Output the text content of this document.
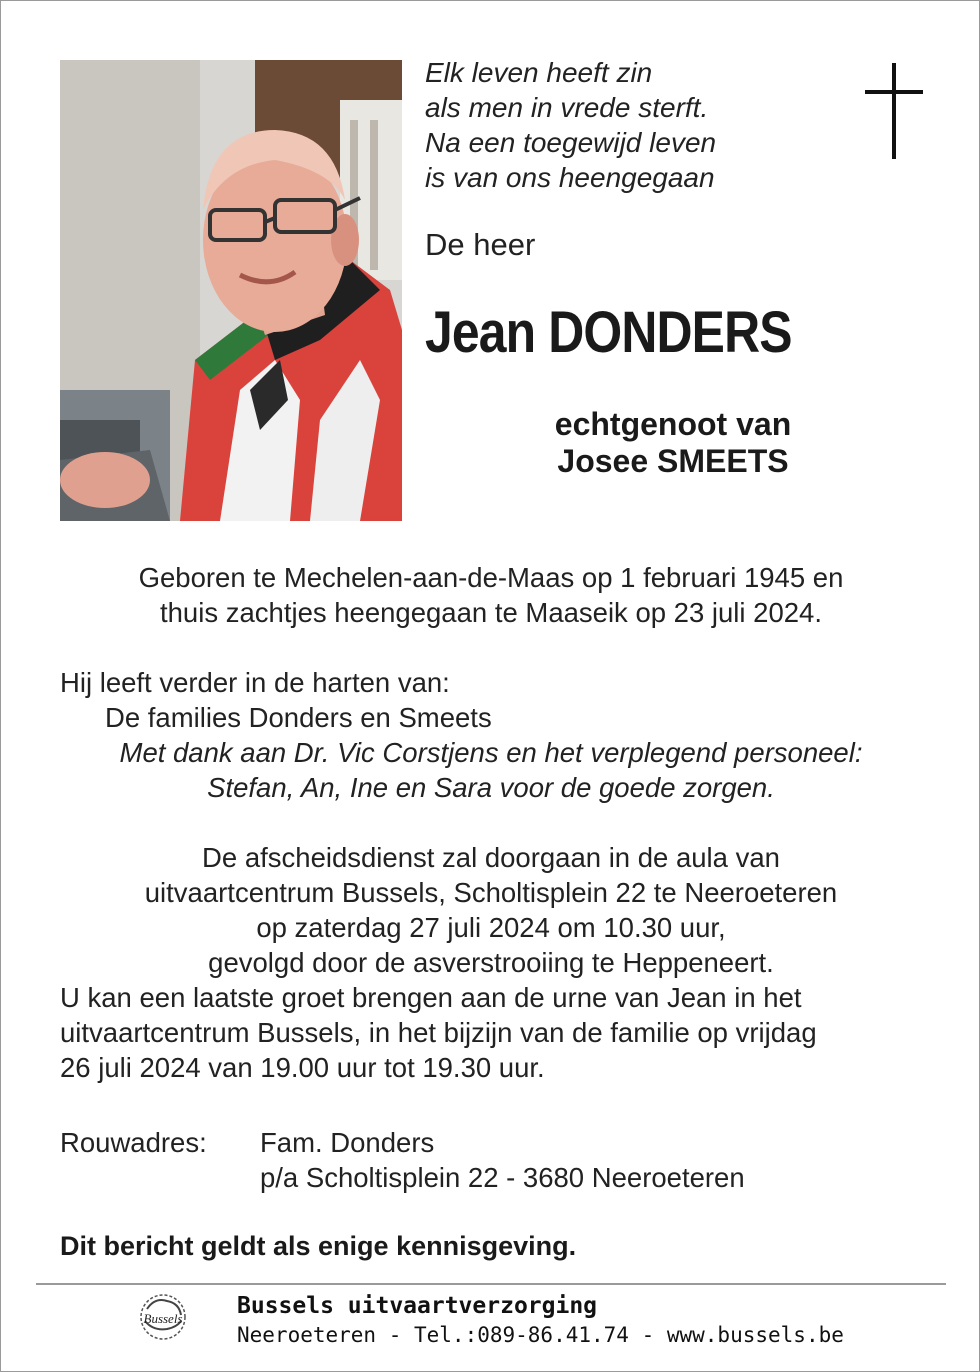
Elk leven heeft zin
als men in vrede sterft.
Na een toegewijd leven
is van ons heengegaan
De heer
Jean DONDERS
echtgenoot van
Josee SMEETS
Geboren te Mechelen-aan-de-Maas op 1 februari 1945 en
thuis zachtjes heengegaan te Maaseik op 23 juli 2024.
Hij leeft verder in de harten van:
De families Donders en Smeets
Met dank aan Dr. Vic Corstjens en het verplegend personeel:
Stefan, An, Ine en Sara voor de goede zorgen.
De afscheidsdienst zal doorgaan in de aula van
uitvaartcentrum Bussels, Scholtisplein 22 te Neeroeteren
op zaterdag 27 juli 2024 om 10.30 uur,
gevolgd door de asverstrooiing te Heppeneert.
U kan een laatste groet brengen aan de urne van Jean in het
uitvaartcentrum Bussels, in het bijzijn van de familie op vrijdag
26 juli 2024 van 19.00 uur tot 19.30 uur.
Rouwadres: Fam. Donders
p/a Scholtisplein 22 - 3680 Neeroeteren
Dit bericht geldt als enige kennisgeving.
Bussels Bussels uitvaartverzorging
Neeroeteren - Tel.:089-86.41.74 - www.bussels.be
